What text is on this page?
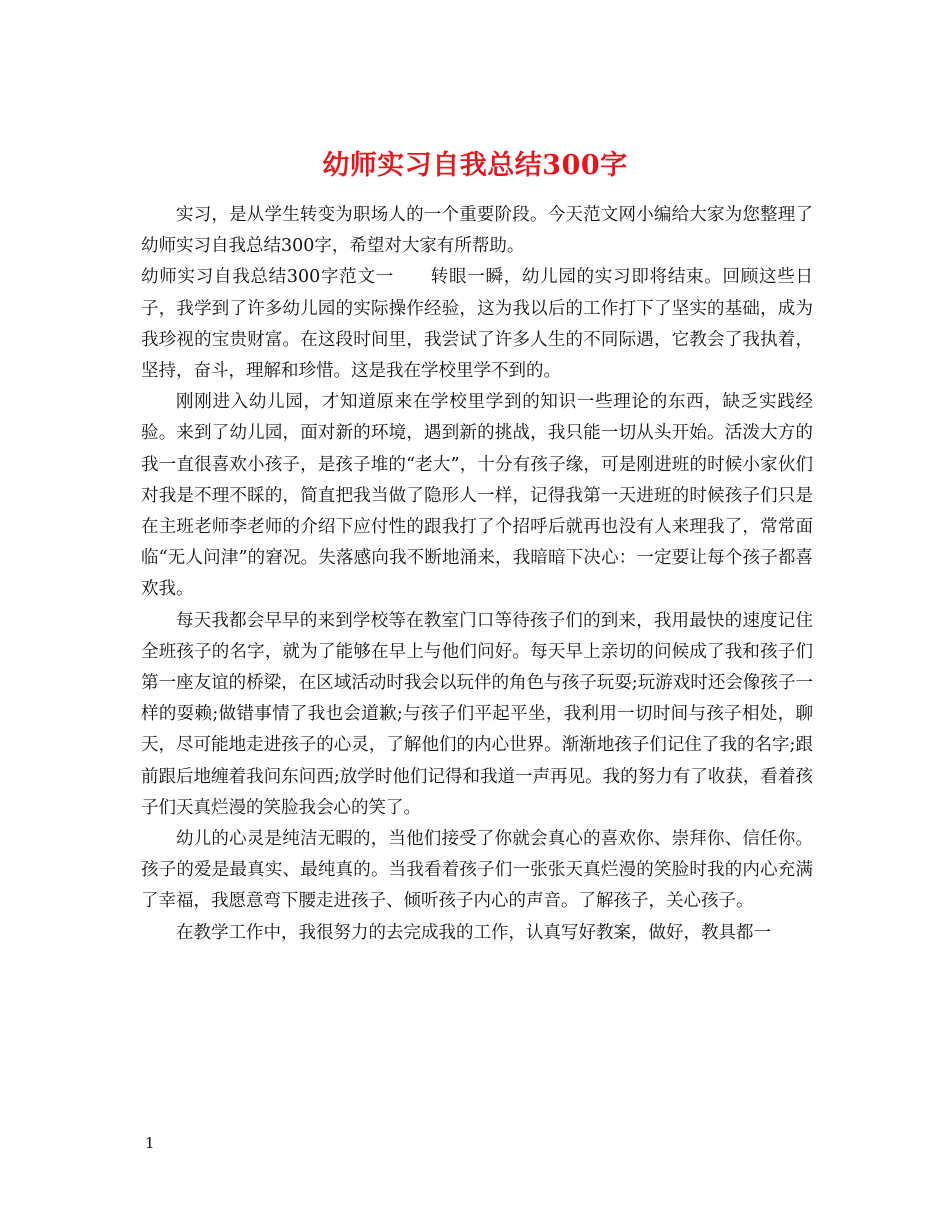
幼师实习自我总结300字

实习，是从学生转变为职场人的一个重要阶段。今天范文网小编给大家为您整理了幼师实习自我总结300字，希望对大家有所帮助。

幼师实习自我总结300字范文一 转眼一瞬，幼儿园的实习即将结束。回顾这些日子，我学到了许多幼儿园的实际操作经验，这为我以后的工作打下了坚实的基础，成为我珍视的宝贵财富。在这段时间里，我尝试了许多人生的不同际遇，它教会了我执着，坚持，奋斗，理解和珍惜。这是我在学校里学不到的。

刚刚进入幼儿园，才知道原来在学校里学到的知识一些理论的东西，缺乏实践经验。来到了幼儿园，面对新的环境，遇到新的挑战，我只能一切从头开始。活泼大方的我一直很喜欢小孩子，是孩子堆的“老大”，十分有孩子缘，可是刚进班的时候小家伙们对我是不理不睬的，简直把我当做了隐形人一样，记得我第一天进班的时候孩子们只是在主班老师李老师的介绍下应付性的跟我打了个招呼后就再也没有人来理我了，常常面临“无人问津”的窘况。失落感向我不断地涌来，我暗暗下决心：一定要让每个孩子都喜欢我。

每天我都会早早的来到学校等在教室门口等待孩子们的到来，我用最快的速度记住全班孩子的名字，就为了能够在早上与他们问好。每天早上亲切的问候成了我和孩子们第一座友谊的桥梁，在区域活动时我会以玩伴的角色与孩子玩耍;玩游戏时还会像孩子一样的耍赖;做错事情了我也会道歉;与孩子们平起平坐，我利用一切时间与孩子相处，聊天，尽可能地走进孩子的心灵，了解他们的内心世界。渐渐地孩子们记住了我的名字;跟前跟后地缠着我问东问西;放学时他们记得和我道一声再见。我的努力有了收获，看着孩子们天真烂漫的笑脸我会心的笑了。

幼儿的心灵是纯洁无暇的，当他们接受了你就会真心的喜欢你、崇拜你、信任你。孩子的爱是最真实、最纯真的。当我看着孩子们一张张天真烂漫的笑脸时我的内心充满了幸福，我愿意弯下腰走进孩子、倾听孩子内心的声音。了解孩子，关心孩子。

在教学工作中，我很努力的去完成我的工作，认真写好教案，做好，教具都一

1
